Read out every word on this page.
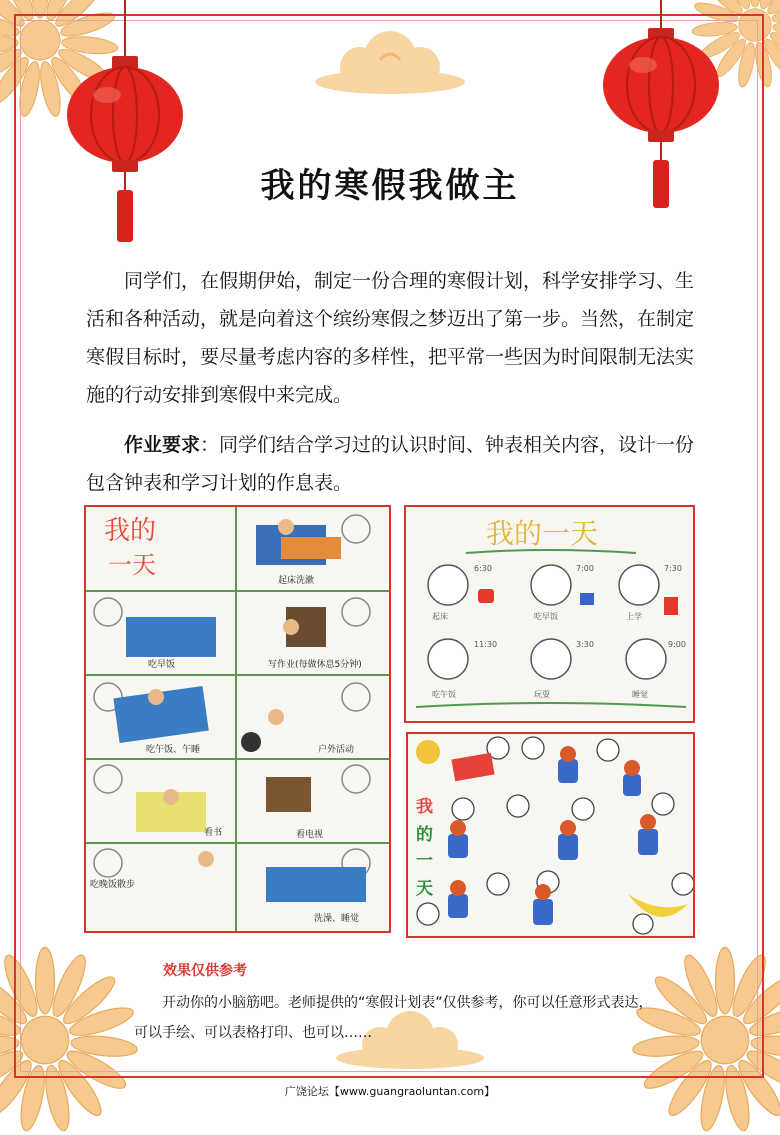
我的寒假我做主
同学们，在假期伊始，制定一份合理的寒假计划，科学安排学习、生活和各种活动，就是向着这个缤纷寒假之梦迈出了第一步。当然，在制定寒假目标时，要尽量考虑内容的多样性，把平常一些因为时间限制无法实施的行动安排到寒假中来完成。
作业要求：同学们结合学习过的认识时间、钟表相关内容，设计一份包含钟表和学习计划的作息表。
我的
一天
起床洗漱
吃早饭	写作业(每做休息5分钟)
吃午饭、午睡	户外活动
看书	看电视
吃晚饭散步
洗澡、睡觉
我的一天
6:30	7:00	7:30
11:30	3:30	9:00
起床	吃早饭	上学
吃午饭	玩耍	睡觉
我
的
一
天
效果仅供参考
开动你的小脑筋吧。老师提供的“寒假计划表”仅供参考，你可以任意形式表达，
可以手绘、可以表格打印、也可以……
广饶论坛【www.guangraoluntan.com】
